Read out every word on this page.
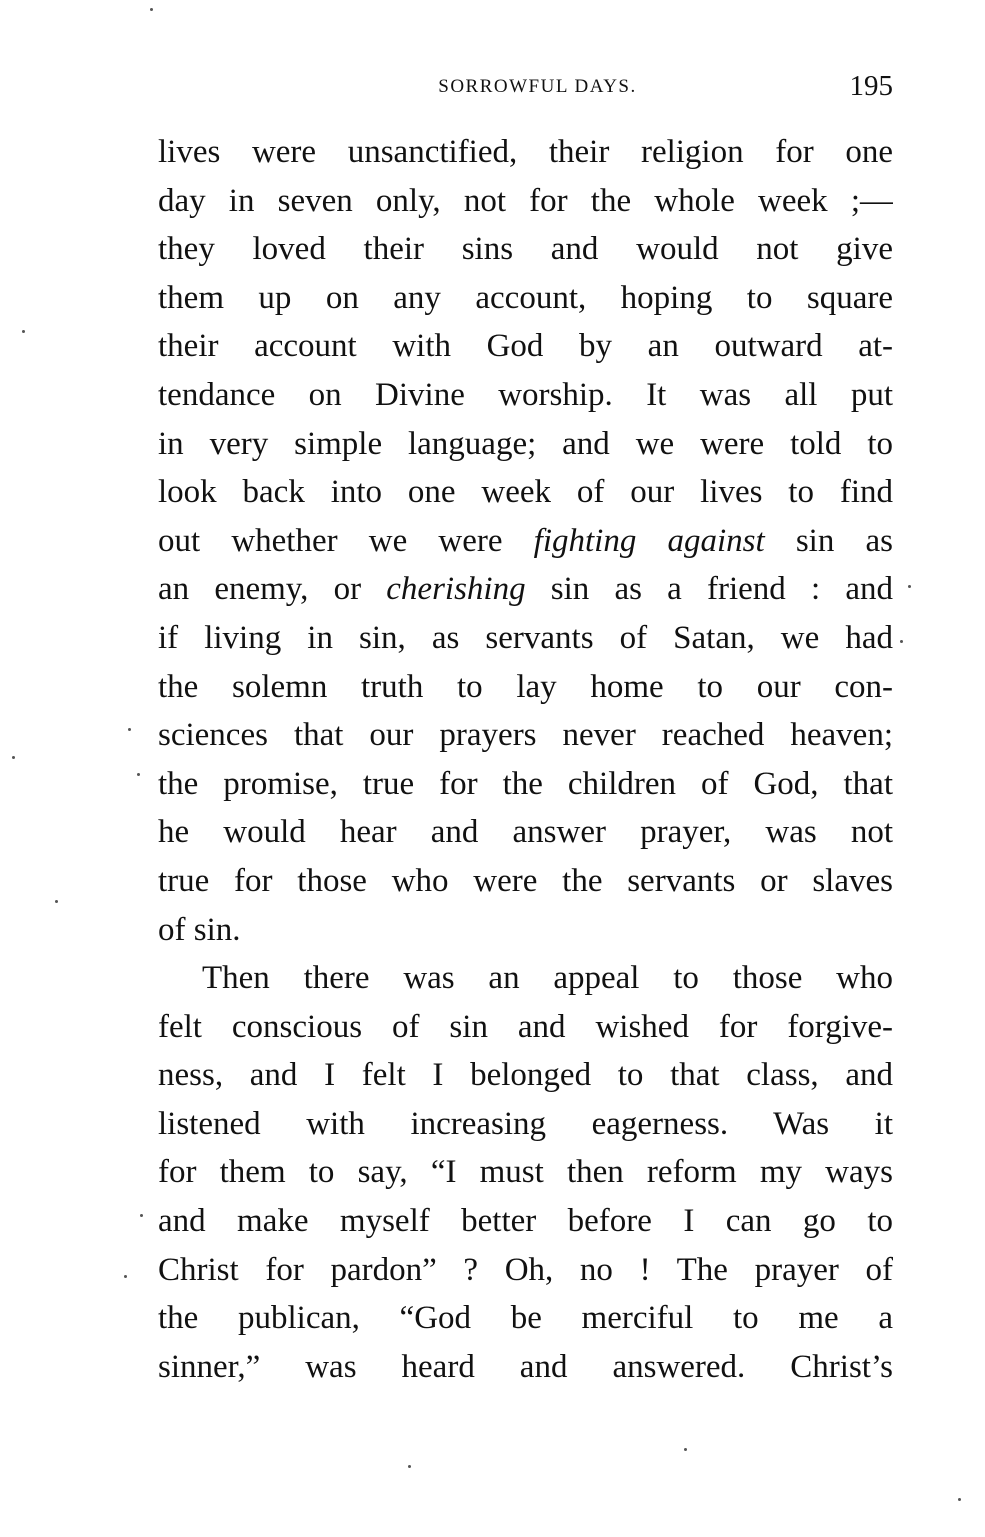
SORROWFUL DAYS.	195
lives were unsanctified, their religion for one
day in seven only, not for the whole week ;—
they loved their sins and would not give
them up on any account, hoping to square
their account with God by an outward at-
tendance on Divine worship. It was all put
in very simple language; and we were told to
look back into one week of our lives to find
out whether we were fighting against sin as
an enemy, or cherishing sin as a friend : and
if living in sin, as servants of Satan, we had
the solemn truth to lay home to our con-
sciences that our prayers never reached heaven;
the promise, true for the children of God, that
he would hear and answer prayer, was not
true for those who were the servants or slaves
of sin.
Then there was an appeal to those who
felt conscious of sin and wished for forgive-
ness, and I felt I belonged to that class, and
listened with increasing eagerness. Was it
for them to say, “I must then reform my ways
and make myself better before I can go to
Christ for pardon” ? Oh, no ! The prayer of
the publican, “God be merciful to me a
sinner,” was heard and answered. Christ’s
